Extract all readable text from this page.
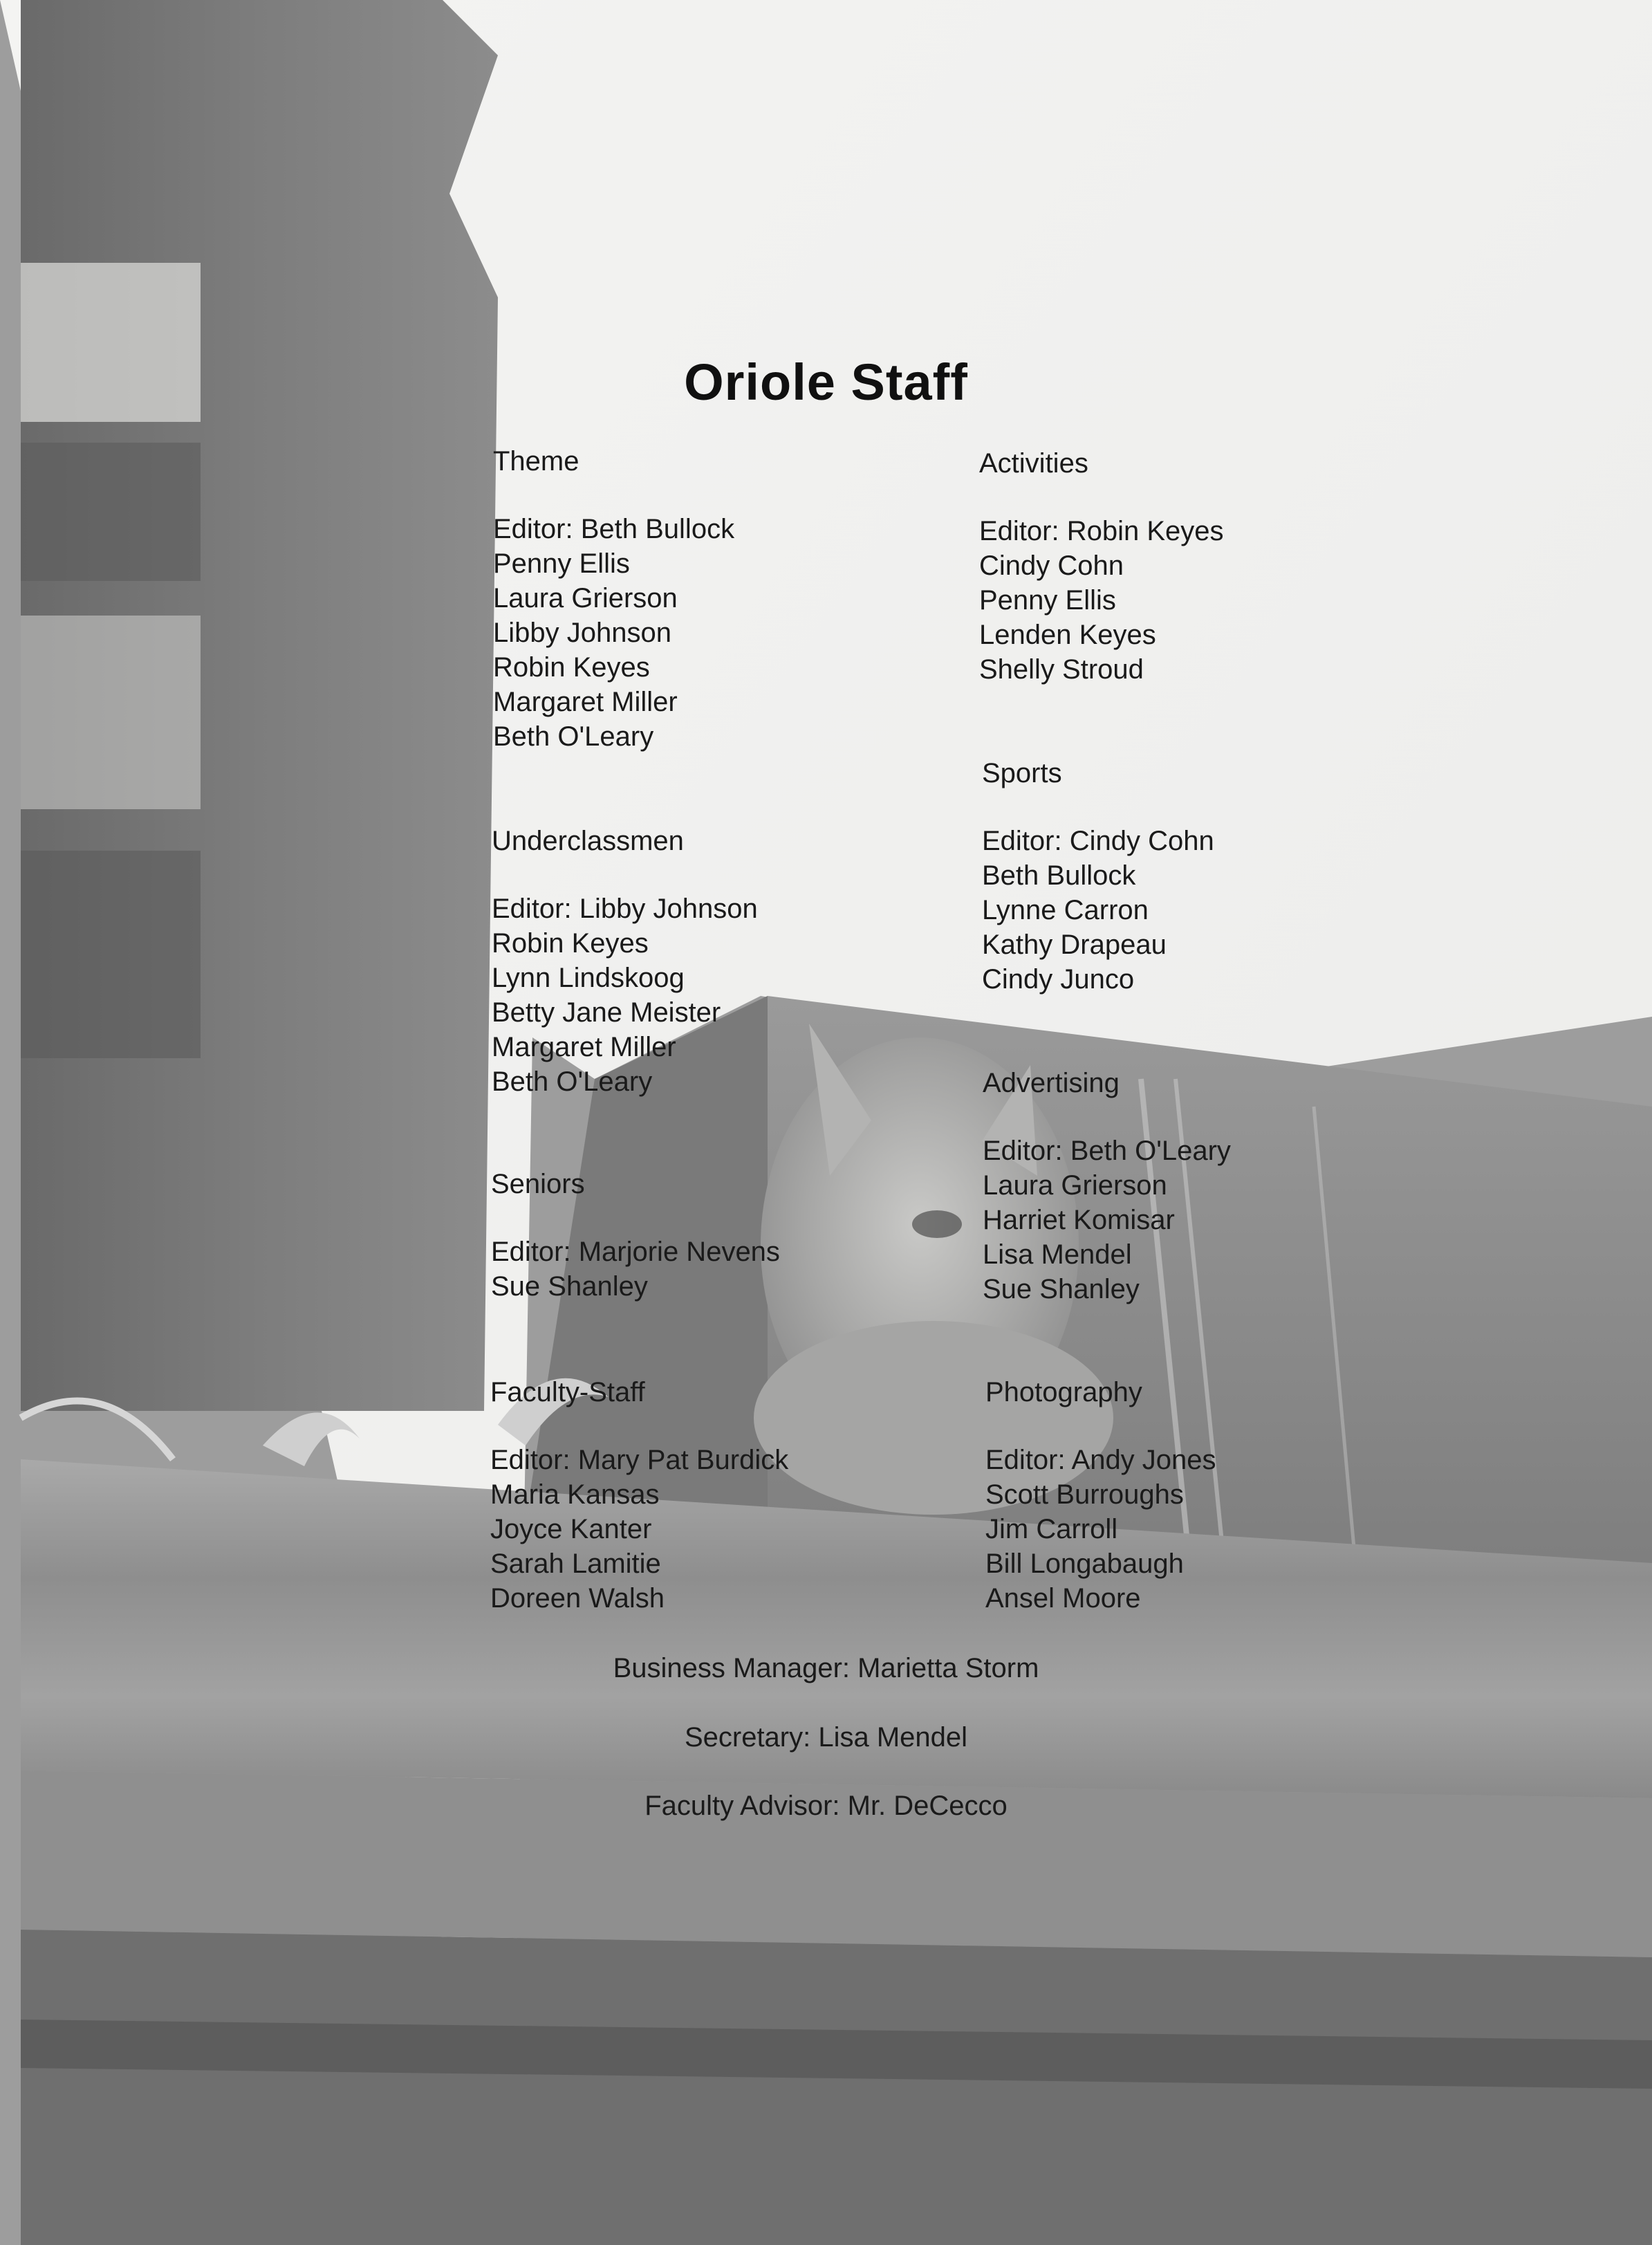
Oriole Staff
Theme
Editor: Beth Bullock
Penny Ellis
Laura Grierson
Libby Johnson
Robin Keyes
Margaret Miller
Beth O'Leary
Underclassmen
Editor: Libby Johnson
Robin Keyes
Lynn Lindskoog
Betty Jane Meister
Margaret Miller
Beth O'Leary
Seniors
Editor: Marjorie Nevens
Sue Shanley
Faculty-Staff
Editor: Mary Pat Burdick
Maria Kansas
Joyce Kanter
Sarah Lamitie
Doreen Walsh
Activities
Editor: Robin Keyes
Cindy Cohn
Penny Ellis
Lenden Keyes
Shelly Stroud
Sports
Editor: Cindy Cohn
Beth Bullock
Lynne Carron
Kathy Drapeau
Cindy Junco
Advertising
Editor: Beth O'Leary
Laura Grierson
Harriet Komisar
Lisa Mendel
Sue Shanley
Photography
Editor: Andy Jones
Scott Burroughs
Jim Carroll
Bill Longabaugh
Ansel Moore
Business Manager: Marietta Storm
Secretary: Lisa Mendel
Faculty Advisor: Mr. DeCecco
